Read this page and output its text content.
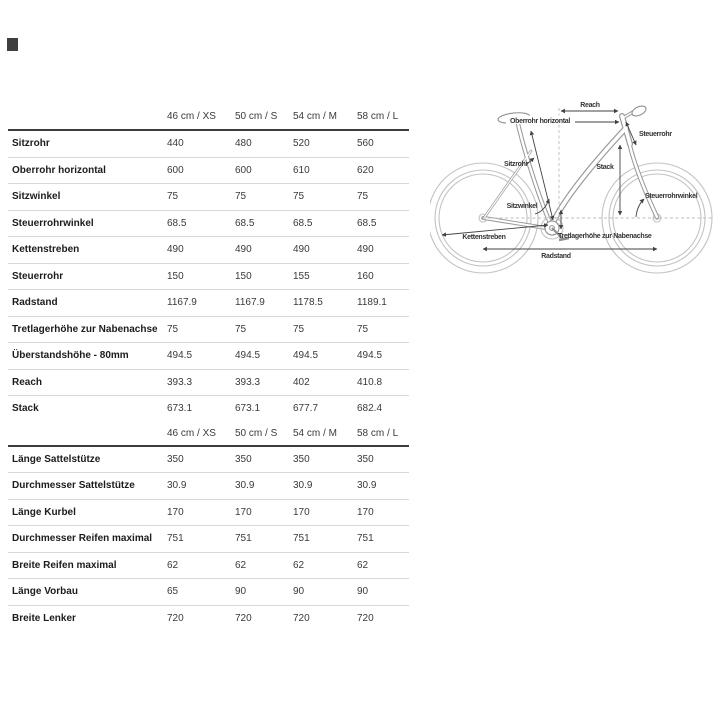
46 cm / XS	50 cm / S	54 cm / M	58 cm / L
Sitzrohr	440	480	520	560
Oberrohr horizontal	600	600	610	620
Sitzwinkel	75	75	75	75
Steuerrohrwinkel	68.5	68.5	68.5	68.5
Kettenstreben	490	490	490	490
Steuerrohr	150	150	155	160
Radstand	1167.9	1167.9	1178.5	1189.1
Tretlagerhöhe zur Nabenachse 75	75	75	75
Überstandshöhe - 80mm	494.5	494.5	494.5	494.5
Reach	393.3	393.3	402	410.8
Stack	673.1	673.1	677.7	682.4
46 cm / XS	50 cm / S	54 cm / M	58 cm / L
Länge Sattelstütze	350	350	350	350
Durchmesser Sattelstütze	30.9	30.9	30.9	30.9
Länge Kurbel	170	170	170	170
Durchmesser Reifen maximal	751	751	751	751
Breite Reifen maximal	62	62	62	62
Länge Vorbau	65	90	90	90
Breite Lenker	720	720	720	720
Reach
Oberrohr horizontal
Steuerrohr
Sitzrohr	Stack
Steuerrohrwinkel
Sitzwinkel
Kettenstreben	Tretlagerhöhe zur Nabenachse
Radstand
